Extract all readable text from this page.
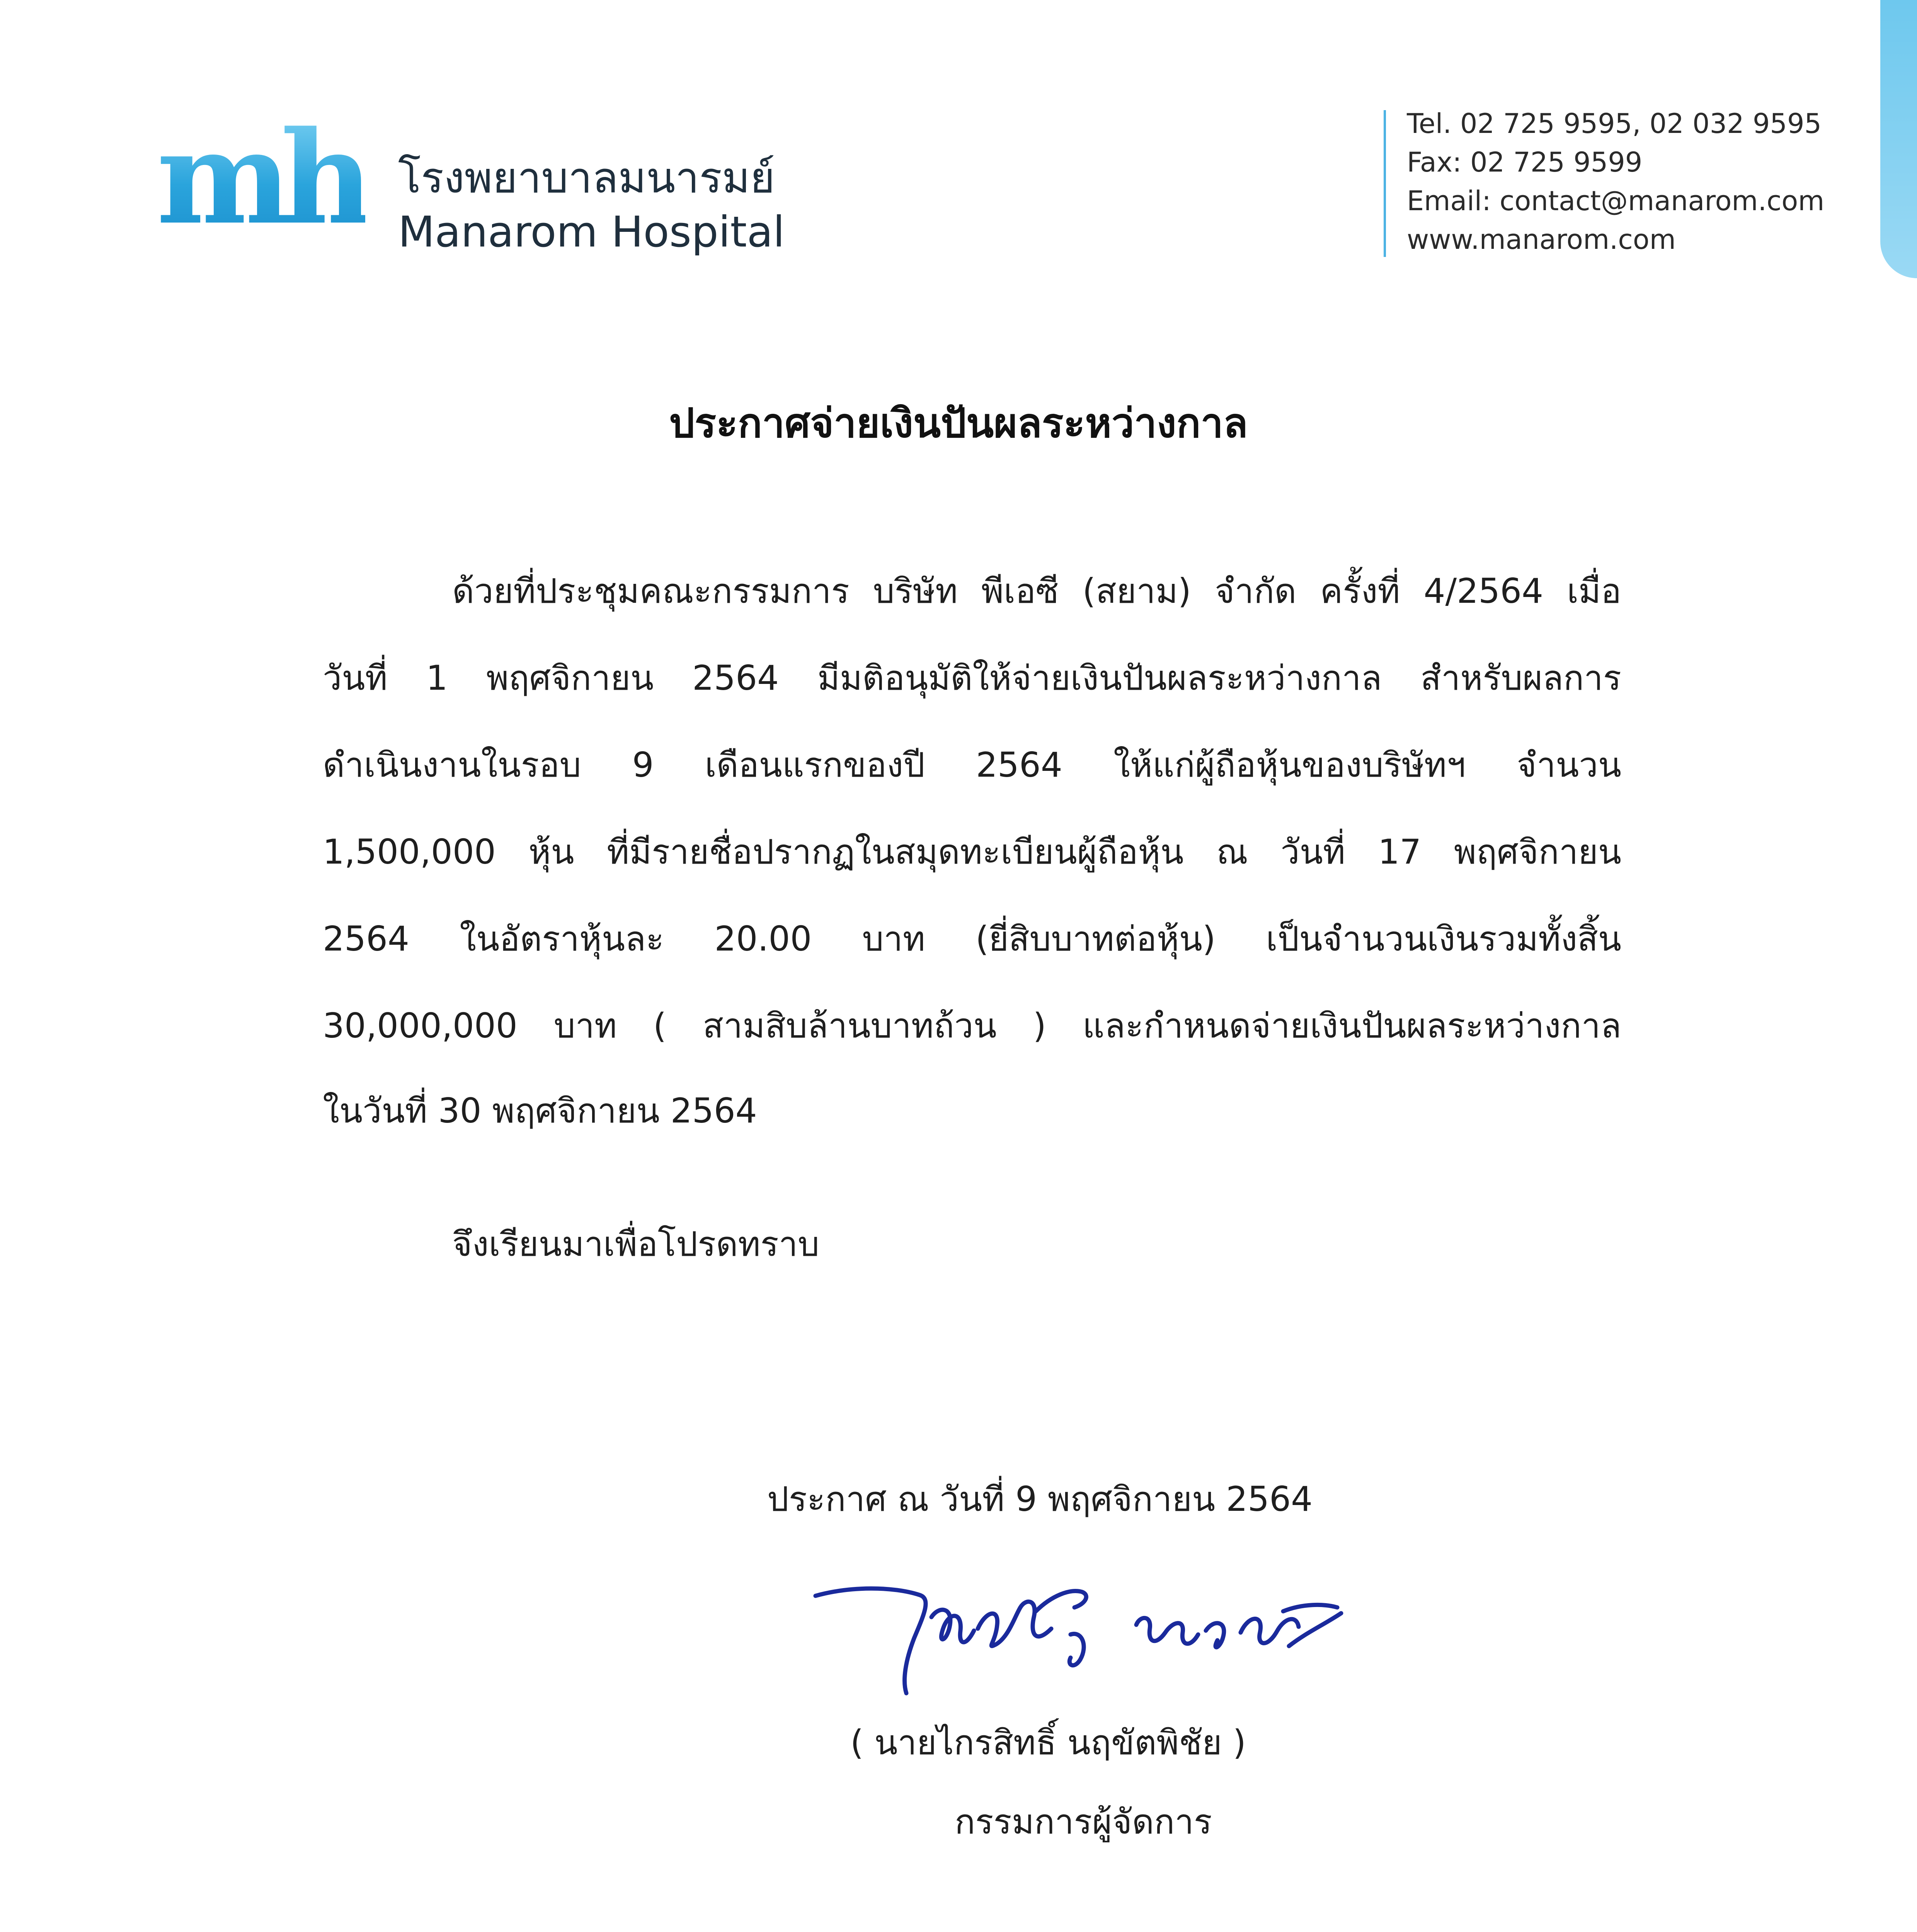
mh โรงพยาบาลมนารมย์
Manarom Hospital
Tel. 02 725 9595, 02 032 9595
Fax: 02 725 9599
Email: contact@manarom.com
www.manarom.com
ประกาศจ่ายเงินปันผลระหว่างกาล
ด้วยที่ประชุมคณะกรรมการ บริษัท พีเอซี (สยาม) จำกัด ครั้งที่ 4/2564 เมื่อ
วันที่ 1 พฤศจิกายน 2564 มีมติอนุมัติให้จ่ายเงินปันผลระหว่างกาล สำหรับผลการ
ดำเนินงานในรอบ 9 เดือนแรกของปี 2564 ให้แก่ผู้ถือหุ้นของบริษัทฯ จำนวน
1,500,000 หุ้น ที่มีรายชื่อปรากฏในสมุดทะเบียนผู้ถือหุ้น ณ วันที่ 17 พฤศจิกายน
2564 ในอัตราหุ้นละ 20.00 บาท (ยี่สิบบาทต่อหุ้น) เป็นจำนวนเงินรวมทั้งสิ้น
30,000,000 บาท ( สามสิบล้านบาทถ้วน ) และกำหนดจ่ายเงินปันผลระหว่างกาล
ในวันที่ 30 พฤศจิกายน 2564
จึงเรียนมาเพื่อโปรดทราบ
ประกาศ ณ วันที่ 9 พฤศจิกายน 2564
( นายไกรสิทธิ์ นฤขัตพิชัย )
กรรมการผู้จัดการ
